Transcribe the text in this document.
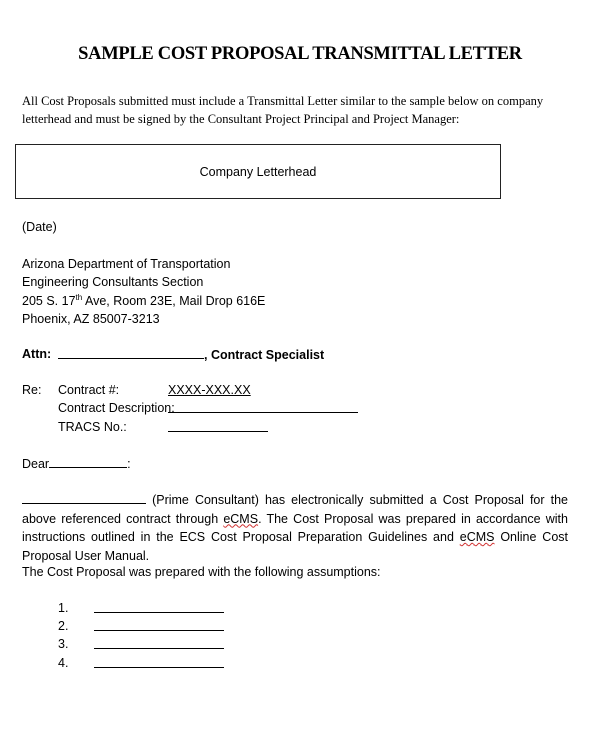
SAMPLE COST PROPOSAL TRANSMITTAL LETTER
All Cost Proposals submitted must include a Transmittal Letter similar to the sample below on company letterhead and must be signed by the Consultant Project Principal and Project Manager:
Company Letterhead
(Date)
Arizona Department of Transportation
Engineering Consultants Section
205 S. 17th Ave, Room 23E, Mail Drop 616E
Phoenix, AZ 85007-3213
Attn:	, Contract Specialist
Re: Contract #:	XXXX-XXX.XX
Contract Description:
TRACS No.:
Dear	:
(Prime Consultant) has electronically submitted a Cost Proposal for the above referenced contract through eCMS. The Cost Proposal was prepared in accordance with instructions outlined in the ECS Cost Proposal Preparation Guidelines and eCMS Online Cost Proposal User Manual.
The Cost Proposal was prepared with the following assumptions:
1.
2.
3.
4.
